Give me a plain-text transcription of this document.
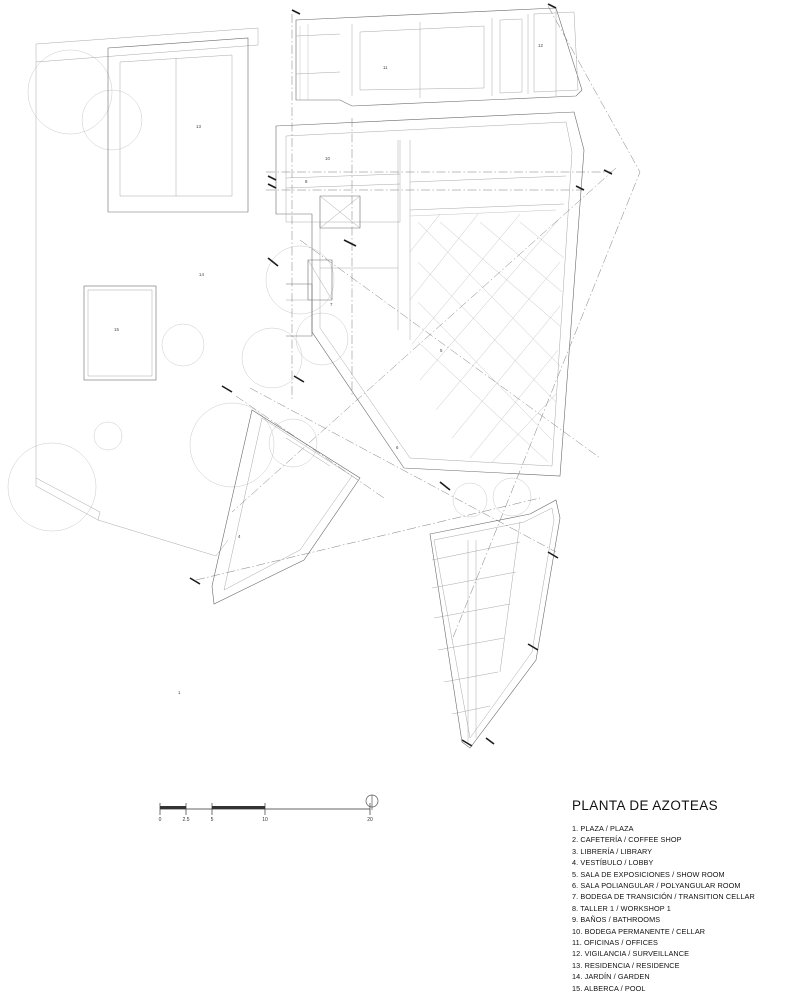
1
4
5
6
7
8
10
11
12
13
14
15
0	2.5	5	10	20
PLANTA DE AZOTEAS
1. PLAZA / PLAZA
2. CAFETERÍA / COFFEE SHOP
3. LIBRERÍA / LIBRARY
4. VESTÍBULO / LOBBY
5. SALA DE EXPOSICIONES / SHOW ROOM
6. SALA POLIANGULAR / POLYANGULAR ROOM
7. BODEGA DE TRANSICIÓN / TRANSITION CELLAR
8. TALLER 1 / WORKSHOP 1
9. BAÑOS / BATHROOMS
10. BODEGA PERMANENTE / CELLAR
11. OFICINAS / OFFICES
12. VIGILANCIA / SURVEILLANCE
13. RESIDENCIA / RESIDENCE
14. JARDÍN / GARDEN
15. ALBERCA / POOL
